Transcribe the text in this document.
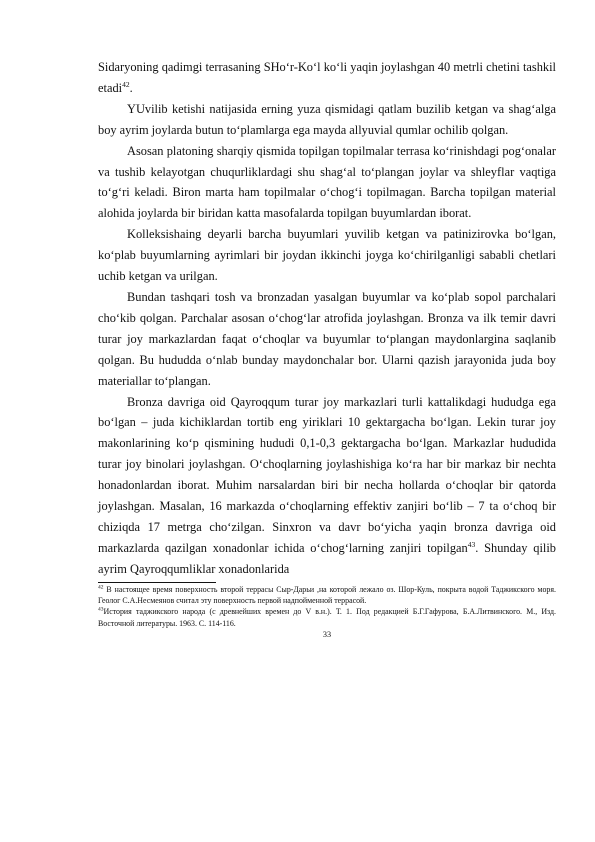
Sidaryoning qadimgi terrasaning SHo‘r-Ko‘l ko‘li yaqin joylashgan 40 metrli chetini tashkil etadi$^{42}$.

YUvilib ketishi natijasida erning yuza qismidagi qatlam buzilib ketgan va shag‘alga boy ayrim joylarda butun to‘plamlarga ega mayda allyuvial qumlar ochilib qolgan.

Asosan platoning sharqiy qismida topilgan topilmalar terrasa ko‘rinishdagi pog‘onalar va tushib kelayotgan chuqurliklardagi shu shag‘al to‘plangan joylar va shleyflar vaqtiga to‘g‘ri keladi. Biron marta ham topilmalar o‘chog‘i topilmagan. Barcha topilgan material alohida joylarda bir biridan katta masofalarda topilgan buyumlardan iborat.

Kolleksishaing deyarli barcha buyumlari yuvilib ketgan va patinizirovka bo‘lgan, ko‘plab buyumlarning ayrimlari bir joydan ikkinchi joyga ko‘chirilganligi sababli chetlari uchib ketgan va urilgan.

Bundan tashqari tosh va bronzadan yasalgan buyumlar va ko‘plab sopol parchalari cho‘kib qolgan. Parchalar asosan o‘chog‘lar atrofida joylashgan. Bronza va ilk temir davri turar joy markazlardan faqat o‘choqlar va buyumlar to‘plangan maydonlargina saqlanib qolgan. Bu hududda o‘nlab bunday maydonchalar bor. Ularni qazish jarayonida juda boy materiallar to‘plangan.

Bronza davriga oid Qayroqqum turar joy markazlari turli kattalikdagi hududga ega bo‘lgan – juda kichiklardan tortib eng yiriklari 10 gektargacha bo‘lgan. Lekin turar joy makonlarining ko‘p qismining hududi 0,1-0,3 gektargacha bo‘lgan. Markazlar hududida turar joy binolari joylashgan. O‘choqlarning joylashishiga ko‘ra har bir markaz bir nechta honadonlardan iborat. Muhim narsalardan biri bir necha hollarda o‘choqlar bir qatorda joylashgan. Masalan, 16 markazda o‘choqlarning effektiv zanjiri bo‘lib – 7 ta o‘choq bir chiziqda 17 metrga cho‘zilgan. Sinxron va davr bo‘yicha yaqin bronza davriga oid markazlarda qazilgan xonadonlar ichida o‘chog‘larning zanjiri topilgan$^{43}$. Shunday qilib ayrim Qayroqqumliklar xonadonlarida

$^{42}$ В настоящее время поверхность второй террасы Сыр-Дарьи ,на которой лежало оз. Шор-Куль, покрыта водой Таджикского моря. Геолог С.А.Несмеянов считал эту поверхность первой надпойменной террасой.

$^{43}$История таджикского народа (с древнейших времен до V в.н.). Т. 1. Под редакцией Б.Г.Гафурова, Б.А.Литвинского. М., Изд. Восточной литературы. 1963. С. 114-116.

33
